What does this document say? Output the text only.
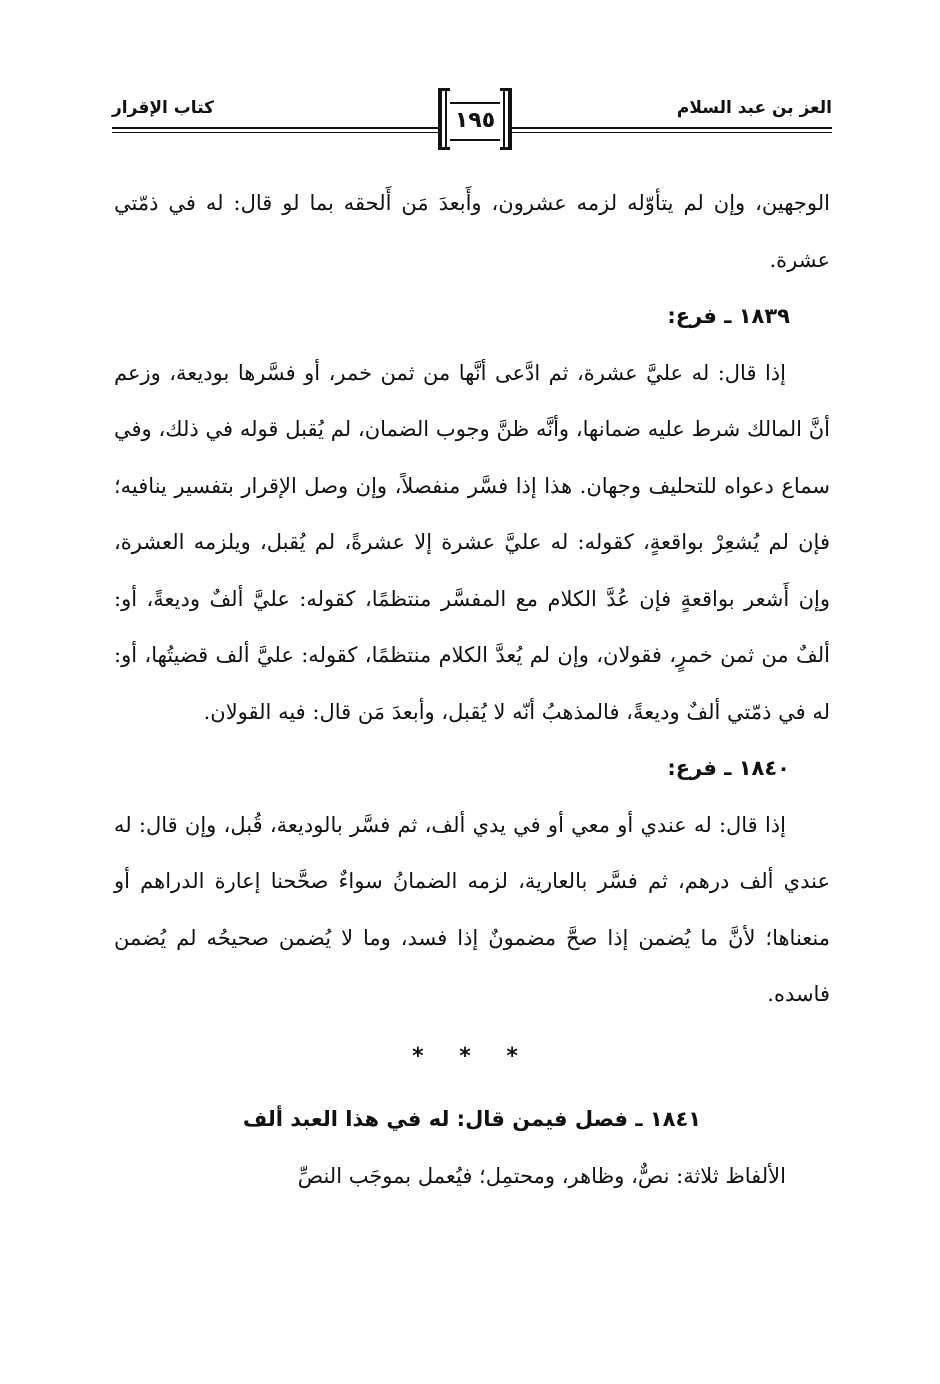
كتاب الإقرار	العز بن عبد السلام
١٩٥

الوجهين، وإن لم يتأوّله لزمه عشرون، وأَبعدَ مَن أَلحقه بما لو قال: له في ذمّتي عشرة.

١٨٣٩ ـ فرع:

إذا قال: له عليَّ عشرة، ثم ادَّعى أنَّها من ثمن خمر، أو فسَّرها بوديعة، وزعم أنَّ المالك شرط عليه ضمانها، وأنَّه ظنَّ وجوب الضمان، لم يُقبل قوله في ذلك، وفي سماع دعواه للتحليف وجهان. هذا إذا فسَّر منفصلاً، وإن وصل الإقرار بتفسير ينافيه؛ فإن لم يُشعِرْ بواقعةٍ، كقوله: له عليَّ عشرة إلا عشرةً، لم يُقبل، ويلزمه العشرة، وإن أَشعر بواقعةٍ فإن عُدَّ الكلام مع المفسَّر منتظمًا، كقوله: عليَّ ألفٌ وديعةً، أو: ألفٌ من ثمن خمرٍ، فقولان، وإن لم يُعدَّ الكلام منتظمًا، كقوله: عليَّ ألف قضيتُها، أو: له في ذمّتي ألفٌ وديعةً، فالمذهبُ أنّه لا يُقبل، وأبعدَ مَن قال: فيه القولان.

١٨٤٠ ـ فرع:

إذا قال: له عندي أو معي أو في يدي ألف، ثم فسَّر بالوديعة، قُبل، وإن قال: له عندي ألف درهم، ثم فسَّر بالعارية، لزمه الضمانُ سواءٌ صحَّحنا إعارة الدراهم أو منعناها؛ لأنَّ ما يُضمن إذا صحَّ مضمونٌ إذا فسد، وما لا يُضمن صحيحُه لم يُضمن فاسده.

* * *

١٨٤١ ـ فصل فيمن قال: له في هذا العبد ألف

الألفاظ ثلاثة: نصٌّ، وظاهر، ومحتمِل؛ فيُعمل بموجَب النصِّ
